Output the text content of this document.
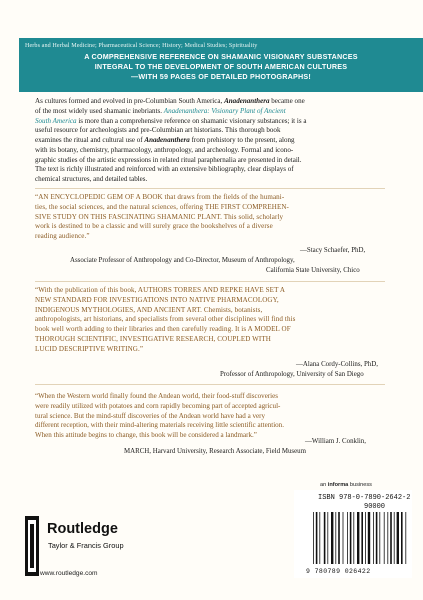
Herbs and Herbal Medicine; Pharmaceutical Science; History; Medical Studies; Spirituality
A COMPREHENSIVE REFERENCE ON SHAMANIC VISIONARY SUBSTANCES
INTEGRAL TO THE DEVELOPMENT OF SOUTH AMERICAN CULTURES
—WITH 59 PAGES OF DETAILED PHOTOGRAPHS!
As cultures formed and evolved in pre-Columbian South America, Anadenanthera became one
of the most widely used shamanic inebriants. Anadenanthera: Visionary Plant of Ancient
South America is more than a comprehensive reference on shamanic visionary substances; it is a
useful resource for archeologists and pre-Columbian art historians. This thorough book
examines the ritual and cultural use of Anadenanthera from prehistory to the present, along
with its botany, chemistry, pharmacology, anthropology, and archeology. Formal and icono-
graphic studies of the artistic expressions in related ritual paraphernalia are presented in detail.
The text is richly illustrated and reinforced with an extensive bibliography, clear displays of
chemical structures, and detailed tables.
“AN ENCYCLOPEDIC GEM OF A BOOK that draws from the fields of the humani-
ties, the social sciences, and the natural sciences, offering THE FIRST COMPREHEN-
SIVE STUDY ON THIS FASCINATING SHAMANIC PLANT. This solid, scholarly
work is destined to be a classic and will surely grace the bookshelves of a diverse
reading audience.”
—Stacy Schaefer, PhD,
Associate Professor of Anthropology and Co-Director, Museum of Anthropology,
California State University, Chico
“With the publication of this book, AUTHORS TORRES AND REPKE HAVE SET A
NEW STANDARD FOR INVESTIGATIONS INTO NATIVE PHARMACOLOGY,
INDIGENOUS MYTHOLOGIES, AND ANCIENT ART. Chemists, botanists,
anthropologists, art historians, and specialists from several other disciplines will find this
book well worth adding to their libraries and then carefully reading. It is A MODEL OF
THOROUGH SCIENTIFIC, INVESTIGATIVE RESEARCH, COUPLED WITH
LUCID DESCRIPTIVE WRITING.”
—Alana Cordy-Collins, PhD,
Professor of Anthropology, University of San Diego
“When the Western world finally found the Andean world, their food-stuff discoveries
were readily utilized with potatoes and corn rapidly becoming part of accepted agricul-
tural science. But the mind-stuff discoveries of the Andean world have had a very
different reception, with their mind-altering materials receiving little scientific attention.
When this attitude begins to change, this book will be considered a landmark.”
—William J. Conklin,
MARCH, Harvard University, Research Associate, Field Museum
an informa business
ISBN 978-0-7890-2642-2
90000
9 780789 026422
Routledge
Taylor & Francis Group
www.routledge.com
